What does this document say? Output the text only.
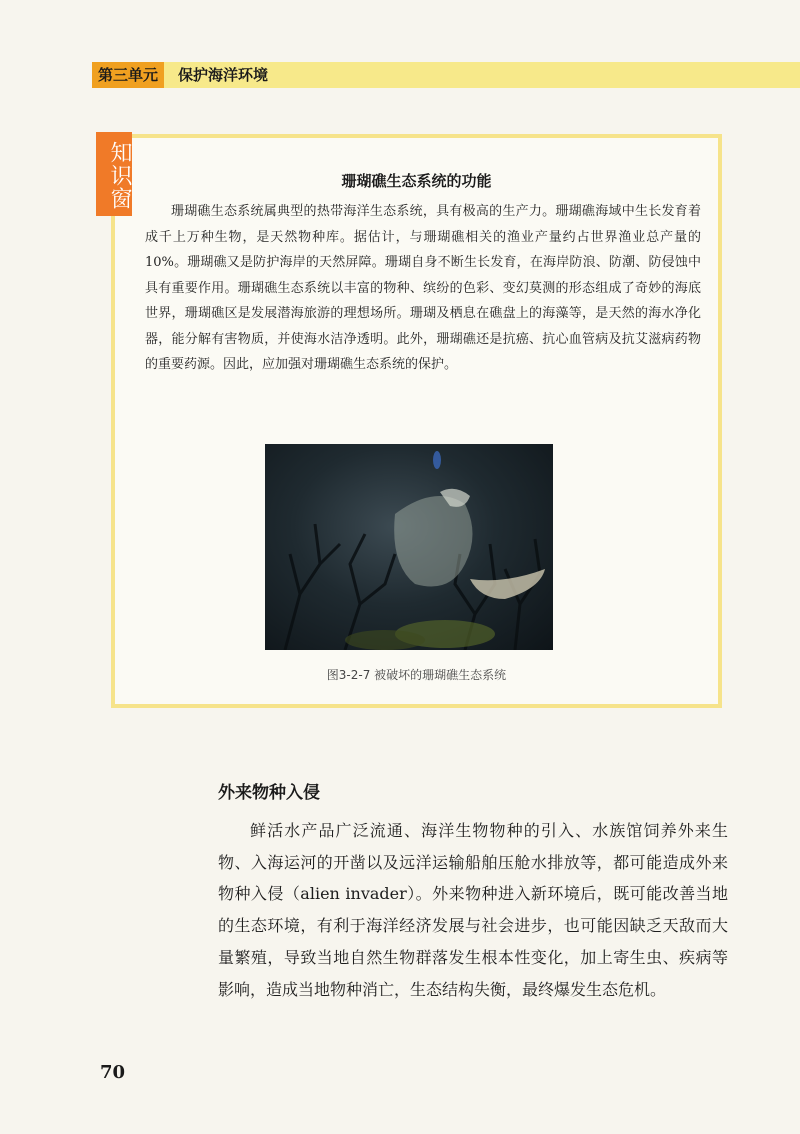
第三单元	保护海洋环境
知识窗	珊瑚礁生态系统的功能

珊瑚礁生态系统属典型的热带海洋生态系统，具有极高的生产力。珊瑚礁海域中生长发育着成千上万种生物，是天然物种库。据估计，与珊瑚礁相关的渔业产量约占世界渔业总产量的10%。珊瑚礁又是防护海岸的天然屏障。珊瑚自身不断生长发育，在海岸防浪、防潮、防侵蚀中具有重要作用。珊瑚礁生态系统以丰富的物种、缤纷的色彩、变幻莫测的形态组成了奇妙的海底世界，珊瑚礁区是发展潜海旅游的理想场所。珊瑚及栖息在礁盘上的海藻等，是天然的海水净化器，能分解有害物质，并使海水洁净透明。此外，珊瑚礁还是抗癌、抗心血管病及抗艾滋病药物的重要药源。因此，应加强对珊瑚礁生态系统的保护。

图3-2-7 被破坏的珊瑚礁生态系统
外来物种入侵

鲜活水产品广泛流通、海洋生物物种的引入、水族馆饲养外来生物、入海运河的开凿以及远洋运输船舶压舱水排放等，都可能造成外来物种入侵（alien invader）。外来物种进入新环境后，既可能改善当地的生态环境，有利于海洋经济发展与社会进步，也可能因缺乏天敌而大量繁殖，导致当地自然生物群落发生根本性变化，加上寄生虫、疾病等影响，造成当地物种消亡，生态结构失衡，最终爆发生态危机。

70
